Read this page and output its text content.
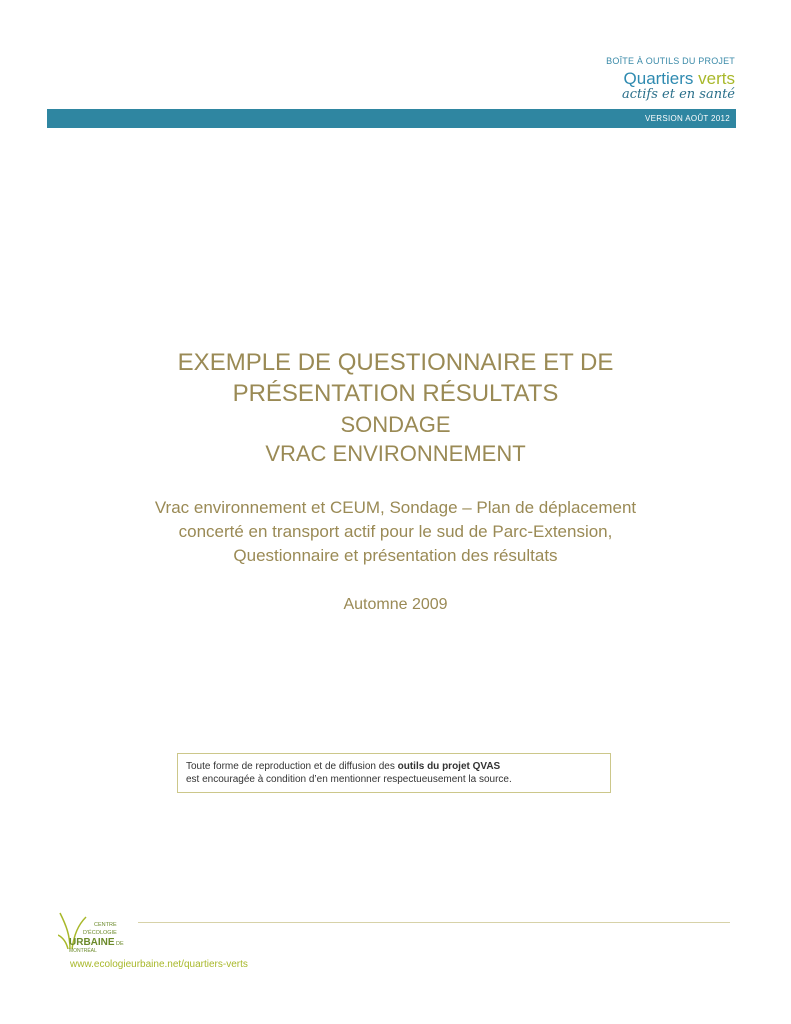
BOÎTE À OUTILS DU PROJET
Quartiers verts
actifs et en santé
VERSION AOÛT 2012
EXEMPLE DE QUESTIONNAIRE ET DE
PRÉSENTATION RÉSULTATS
SONDAGE
VRAC ENVIRONNEMENT
Vrac environnement et CEUM, Sondage – Plan de déplacement
concerté en transport actif pour le sud de Parc-Extension,
Questionnaire et présentation des résultats
Automne 2009
Toute forme de reproduction et de diffusion des outils du projet QVAS
est encouragée à condition d’en mentionner respectueusement la source.
CENTRE
D'ÉCOLOGIE
URBAINE DE
MONTRÉAL
www.ecologieurbaine.net/quartiers-verts
